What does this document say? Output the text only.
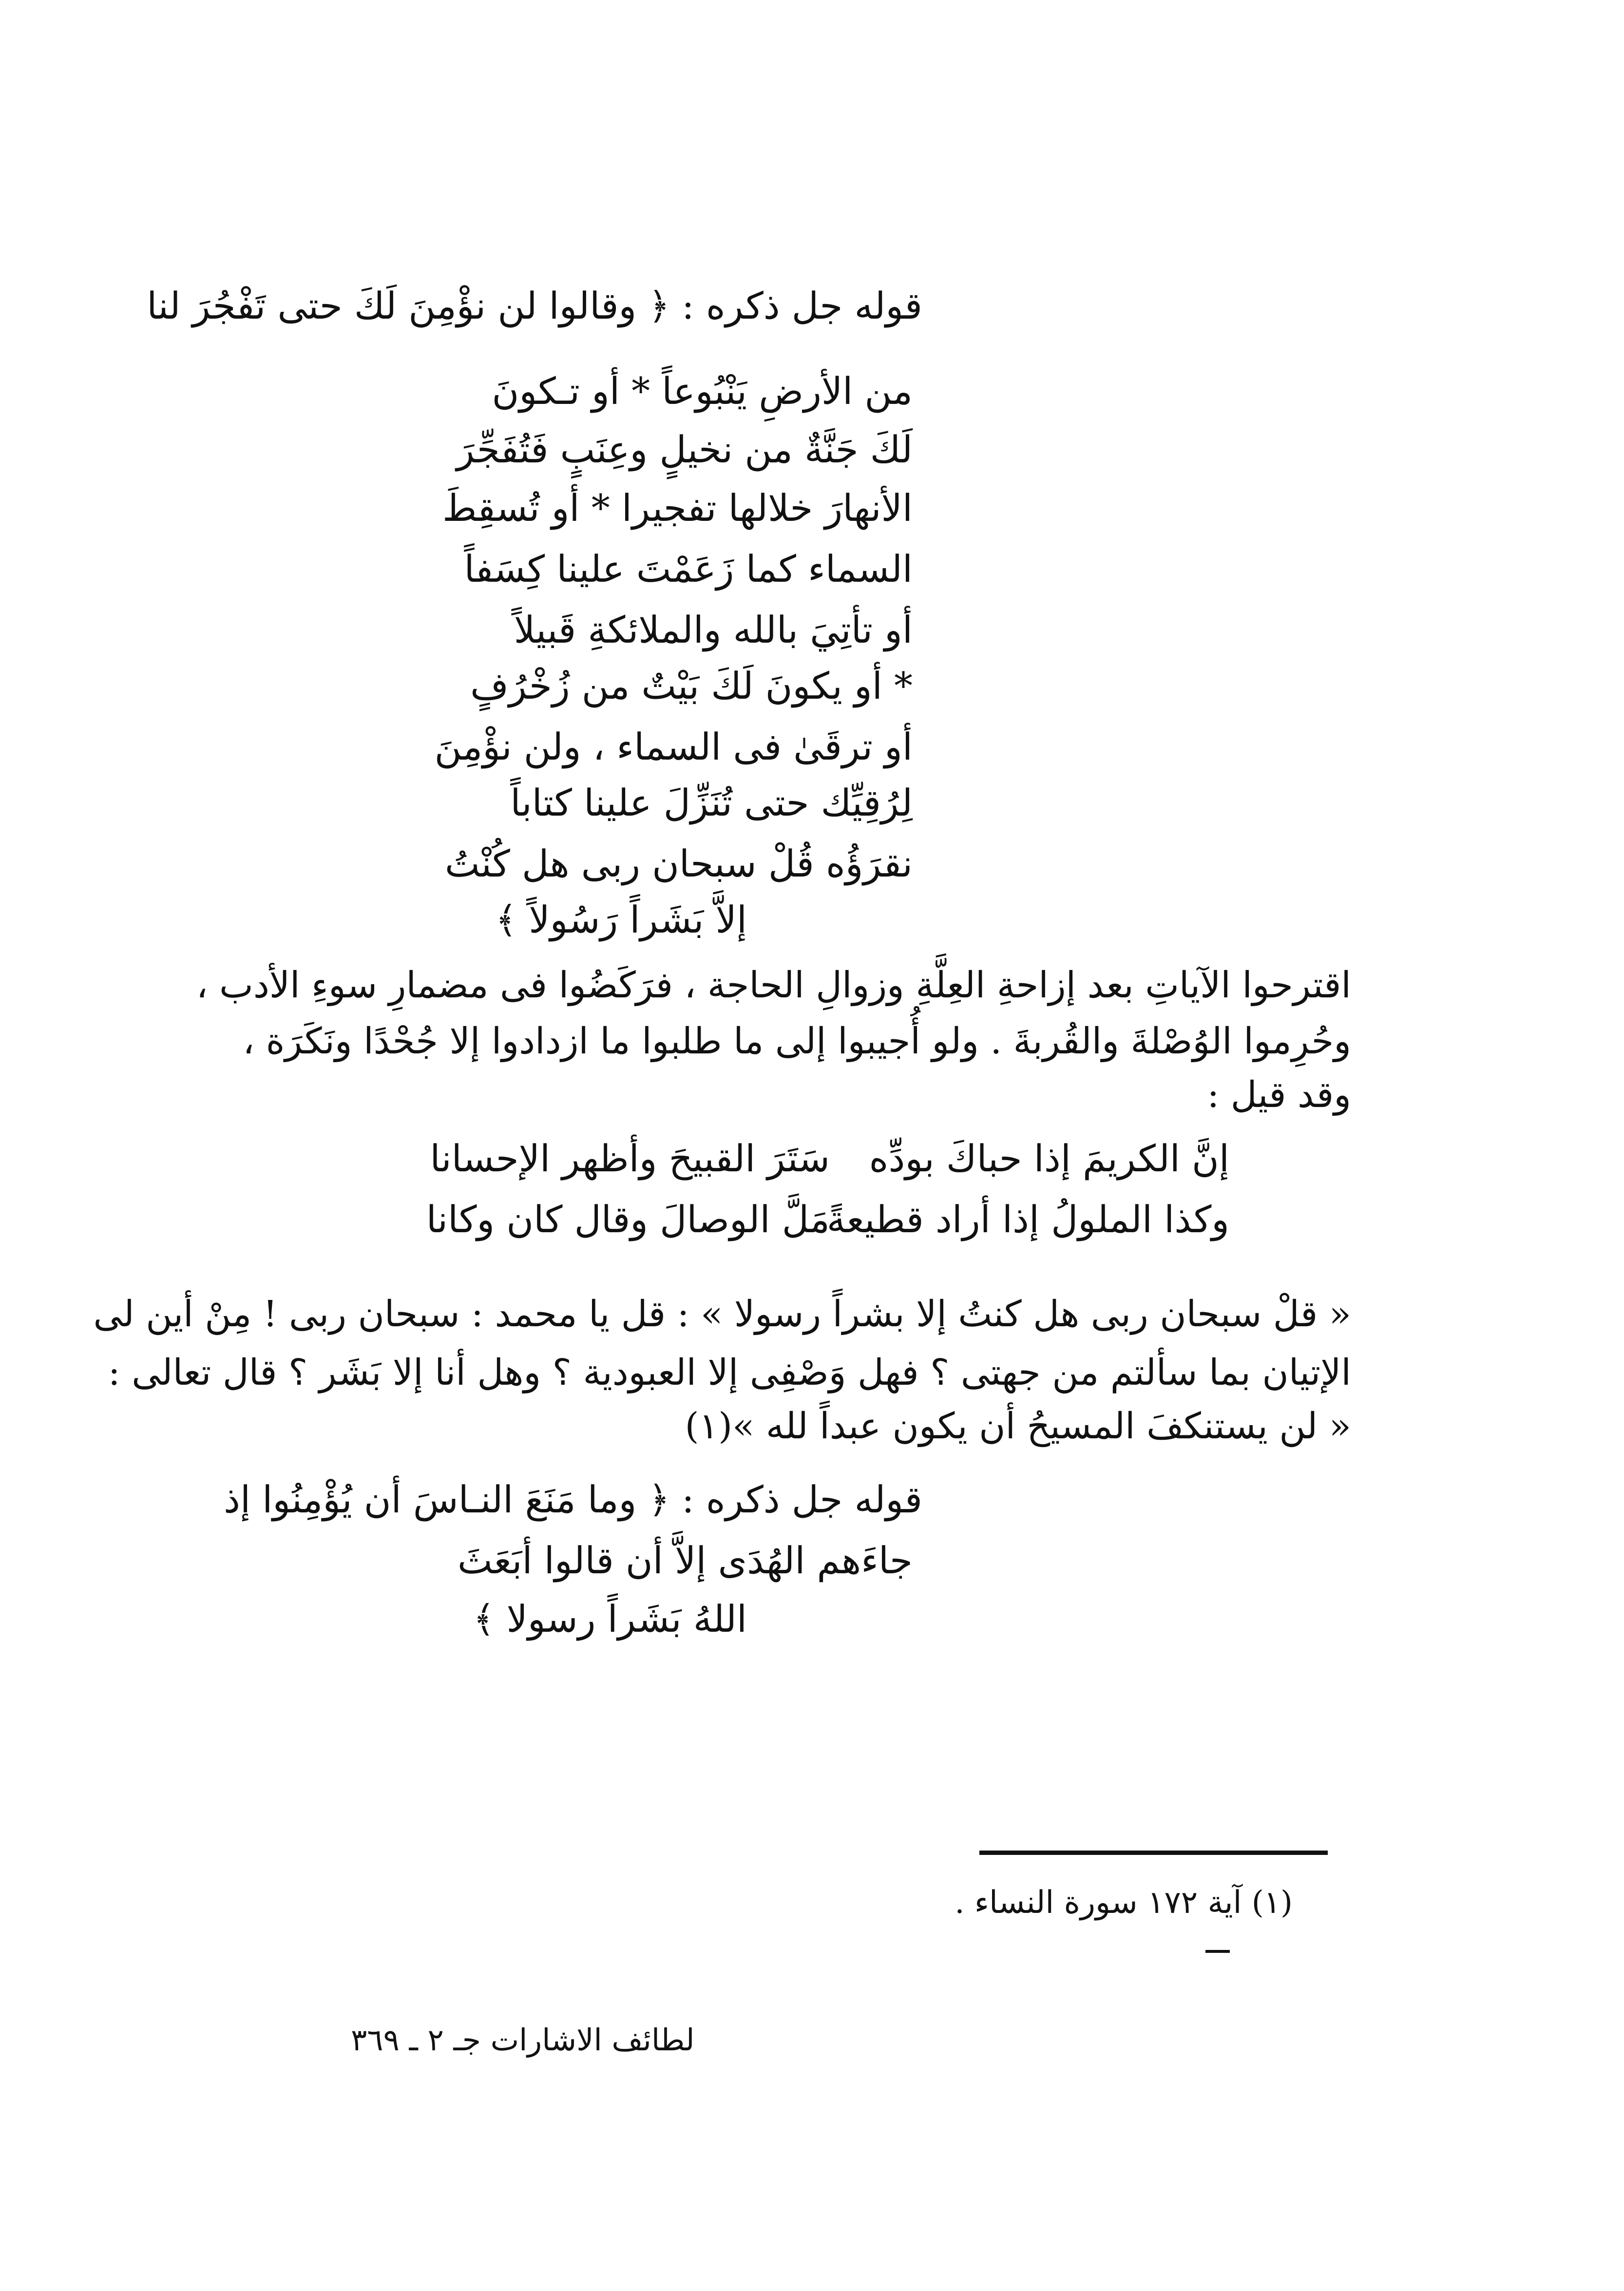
قوله جل ذكره : ﴿ وقالوا لن نؤْمِنَ لَكَ حتى تَفْجُرَ لنا
من الأرضِ يَنْبُوعاً * أو تـكونَ
لَكَ جَنَّةٌ من نخيلٍ وعِنَبٍ فَتُفَجِّرَ
الأنهارَ خلالها تفجيرا * أو تُسقِطَ
السماء كما زَعَمْتَ علينا كِسَفاً
أو تأتِيَ بالله والملائكةِ قَبيلاً
* أو يكونَ لَكَ بَيْتٌ من زُخْرُفٍ
أو ترقَىٰ فى السماء ، ولن نؤْمِنَ
لِرُقِيِّك حتى تُنَزِّلَ علينا كتاباً
نقرَؤُه قُلْ سبحان ربى هل كُنْتُ
إلاَّ بَشَراً رَسُولاً ﴾
اقترحوا الآياتِ بعد إزاحةِ العِلَّةِ وزوالِ الحاجة ، فرَكَضُوا فى مضمارِ سوءِ الأدب ،
وحُرِموا الوُصْلةَ والقُربةَ . ولو أُجيبوا إلى ما طلبوا ما ازدادوا إلا جُحْدًا ونَكَرَة ،
وقد قيل :
إنَّ الكريمَ إذا حباكَ بودِّه
سَتَرَ القبيحَ وأظهر الإحسانا
وكذا الملولُ إذا أراد قطيعةً
مَلَّ الوصالَ وقال كان وكانا
« قلْ سبحان ربى هل كنتُ إلا بشراً رسولا » : قل يا محمد : سبحان ربى ! مِنْ أين لى
الإتيان بما سألتم من جهتى ؟ فهل وَصْفِى إلا العبودية ؟ وهل أنا إلا بَشَر ؟ قال تعالى :
« لن يستنكفَ المسيحُ أن يكون عبداً لله »(١)
قوله جل ذكره : ﴿ وما مَنَعَ النـاسَ أن يُؤْمِنُوا إذ
جاءَهم الهُدَى إلاَّ أن قالوا أبَعَثَ
اللهُ بَشَراً رسولا ﴾
(١) آية ١٧٢ سورة النساء .
لطائف الاشارات جـ ٢ ـ ٣٦٩
